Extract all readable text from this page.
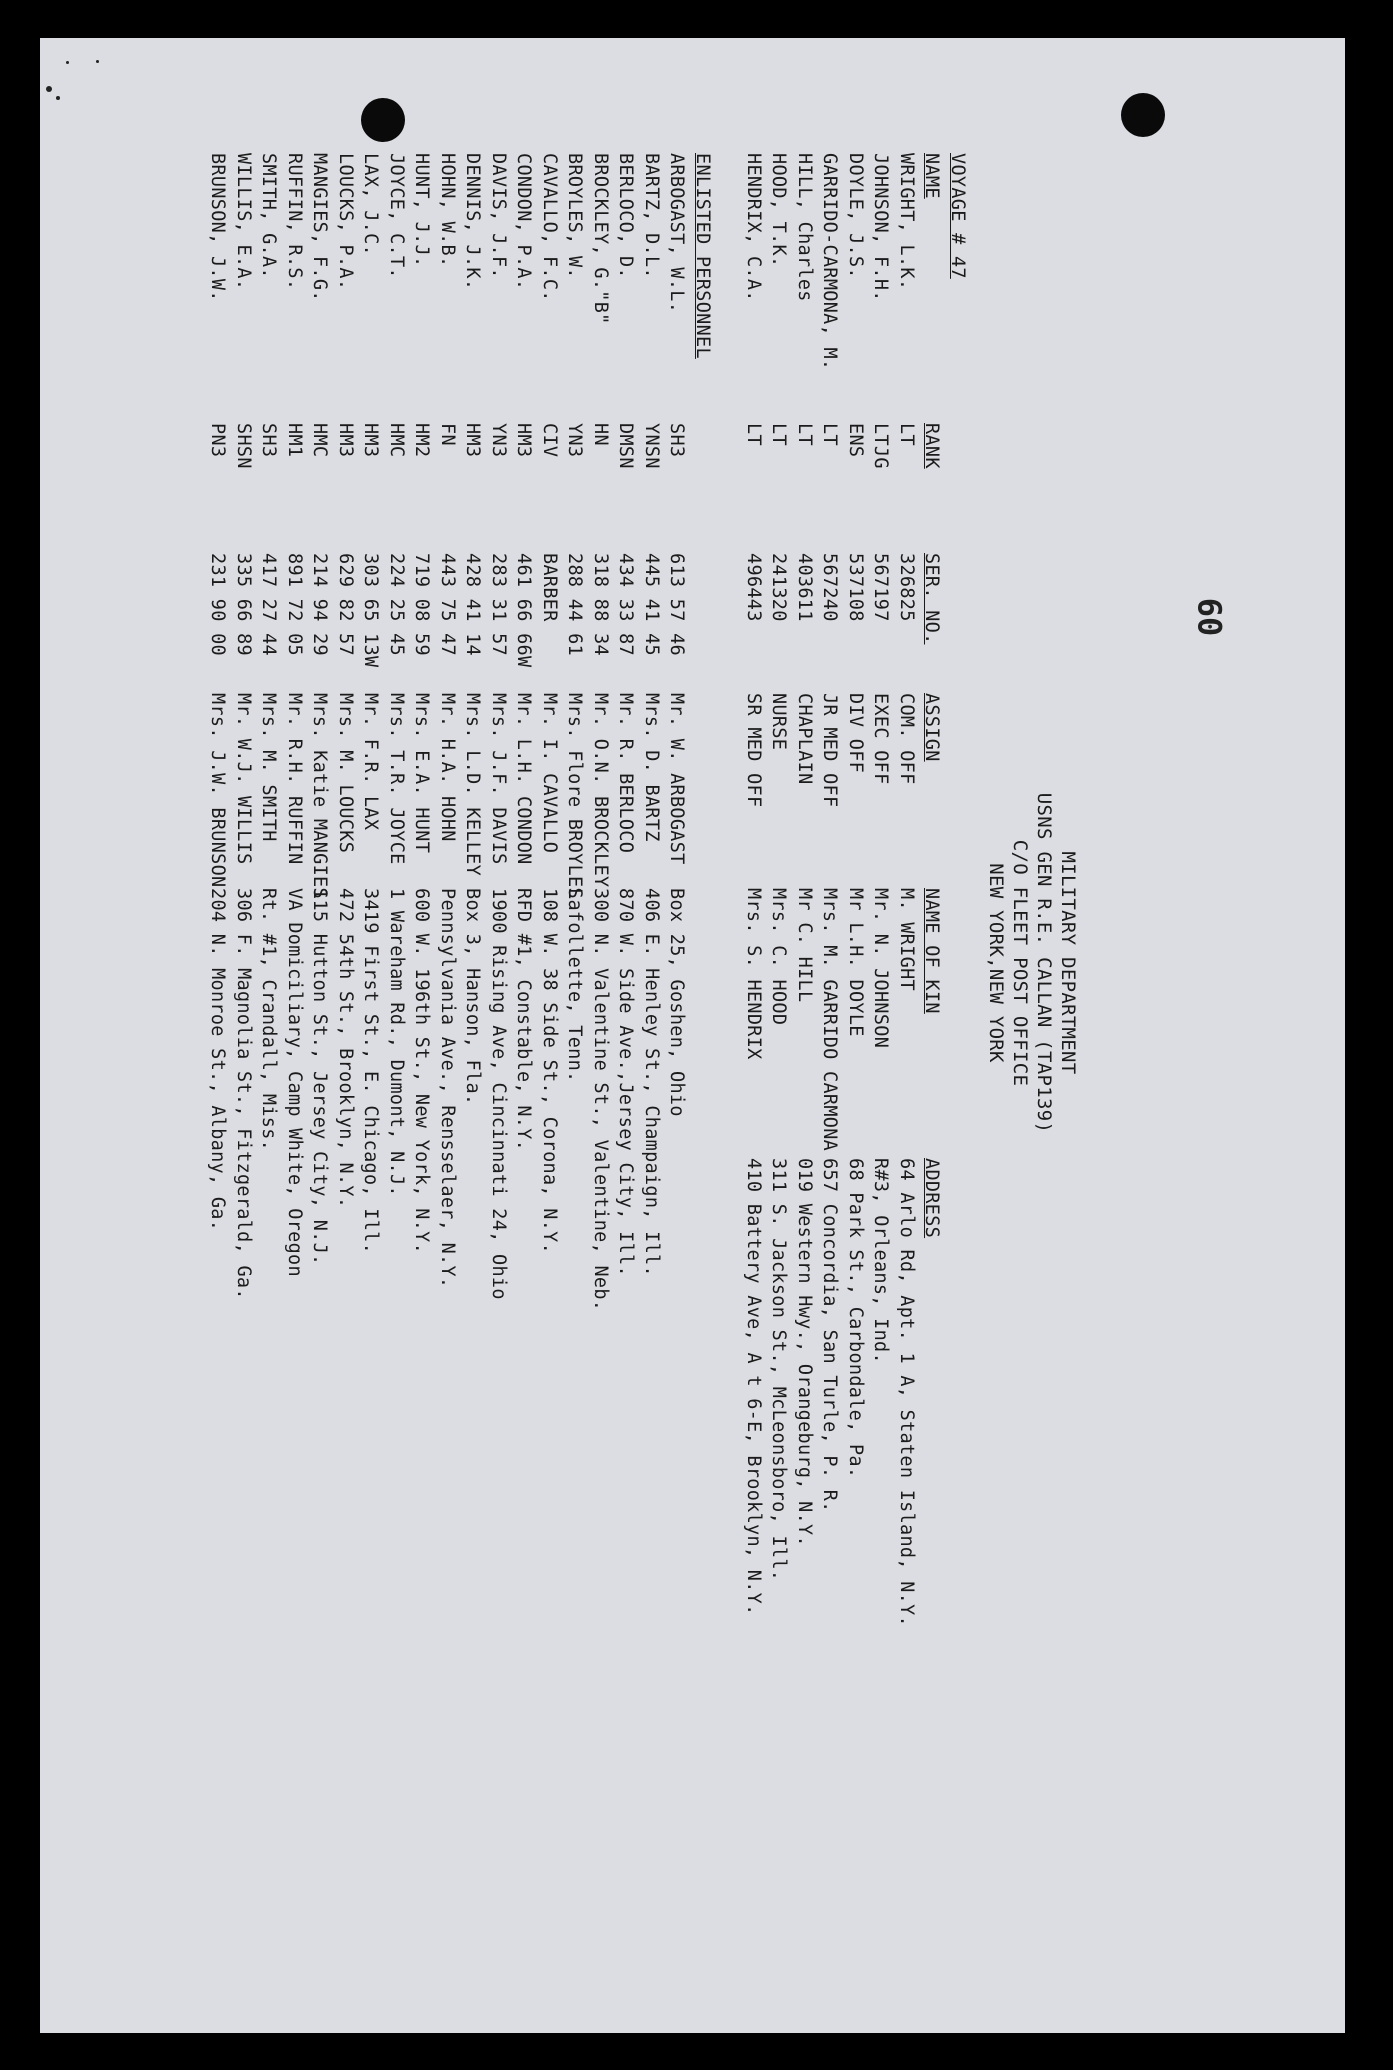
60
MILITARY DEPARTMENT
USNS GEN R.E. CALLAN (TAP139)
C/O FLEET POST OFFICE
NEW YORK,NEW YORK
VOYAGE # 47
NAME
WRIGHT, L.K.
JOHNSON, F.H.
DOYLE, J.S.
GARRIDO-CARMONA, M.
HILL, Charles
HOOD, T.K.
HENDRIX, C.A.
ENLISTED PERSONNEL
ARBOGAST, W.L.
BARTZ, D.L.
BERLOCO, D.
BROCKLEY, G."B"
BROYLES, W.
CAVALLO, F.C.
CONDON, P.A.
DAVIS, J.F.
DENNIS, J.K.
HOHN, W.B.
HUNT, J.J.
JOYCE, C.T.
LAX, J.C.
LOUCKS, P.A.
MANGIES, F.G.
RUFFIN, R.S.
SMITH, G.A.
WILLIS, E.A.
BRUNSON, J.W.
RANK
LT
LTJG
ENS
LT
LT
LT
LT
SH3
YNSN
DMSN
HN
YN3
CIV
HM3
YN3
HM3
FN
HM2
HMC
HM3
HM3
HMC
HM1
SH3
SHSN
PN3
SER. NO.
326825
567197
537108
567240
403611
241320
496443
613 57 46
445 41 45
434 33 87
318 88 34
288 44 61
BARBER
461 66 66W
283 31 57
428 41 14
443 75 47
719 08 59
224 25 45
303 65 13W
629 82 57
214 94 29
891 72 05
417 27 44
335 66 89
231 90 00
ASSIGN
COM. OFF
EXEC OFF
DIV OFF
JR MED OFF
CHAPLAIN
NURSE
SR MED OFF
Mr. W. ARBOGAST
Mrs. D. BARTZ
Mr. R. BERLOCO
Mr. O.N. BROCKLEY
Mrs. Flore BROYLES
Mr. I. CAVALLO
Mr. L.H. CONDON
Mrs. J.F. DAVIS
Mrs. L.D. KELLEY
Mr. H.A. HOHN
Mrs. E.A. HUNT
Mrs. T.R. JOYCE
Mr. F.R. LAX
Mrs. M. LOUCKS
Mrs. Katie MANGIES
Mr. R.H. RUFFIN
Mrs. M. SMITH
Mr. W.J. WILLIS
Mrs. J.W. BRUNSON
NAME OF KIN
M. WRIGHT
Mr. N. JOHNSON
Mr L.H. DOYLE
Mrs. M. GARRIDO CARMONA
Mr C. HILL
Mrs. C. HOOD
Mrs. S. HENDRIX
Box 25, Goshen, Ohio
406 E. Henley St., Champaign, Ill.
870 W. Side Ave.,Jersey City, Ill.
300 N. Valentine St., Valentine, Neb.
Lafollette, Tenn.
108 W. 38 Side St., Corona, N.Y.
RFD #1, Constable, N.Y.
1900 Rising Ave, Cincinnati 24, Ohio
Box 3, Hanson, Fla.
Pennsylvania Ave., Rensselaer, N.Y.
600 W. 196th St., New York, N.Y.
1 Wareham Rd., Dumont, N.J.
3419 First St., E. Chicago, Ill.
472 54th St., Brooklyn, N.Y.
115 Hutton St., Jersey City, N.J.
VA Domiciliary, Camp White, Oregon
Rt. #1, Crandall, Miss.
306 F. Magnolia St., Fitzgerald, Ga.
204 N. Monroe St., Albany, Ga.	ADDRESS
64 Arlo Rd, Apt. 1 A, Staten Island, N.Y.
R#3, Orleans, Ind.
68 Park St., Carbondale, Pa.
657 Concordia, San Turle, P. R.
019 Western Hwy., Orangeburg, N.Y.
311 S. Jackson St., McLeonsboro, Ill.
410 Battery Ave, A t 6-E, Brooklyn, N.Y.
